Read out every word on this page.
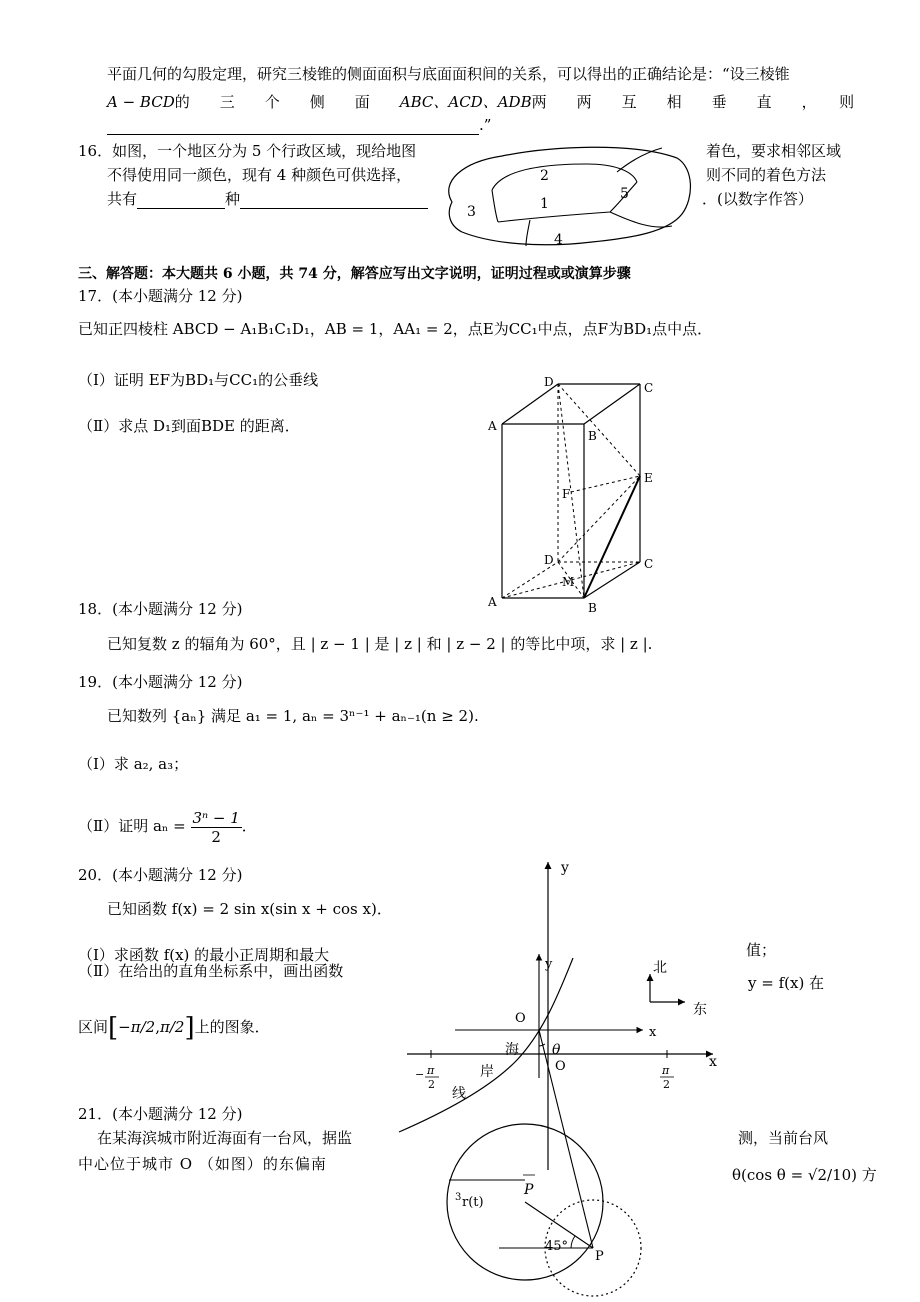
平面几何的勾股定理，研究三棱锥的侧面面积与底面面积间的关系，可以得出的正确结论是：“设三棱锥
A − BCD的　　三　　个　　侧　　面　　ABC、ACD、ADB两　　两　　互　　相　　垂　　直　　，　　则
.”
16．如图，一个地区分为 5 个行政区域，现给地图
不得使用同一颜色，现有 4 种颜色可供选择，
共有	种
着色，要求相邻区域
则不同的着色方法
．(以数字作答）
2
1
5
3
4
三、解答题：本大题共 6 小题，共 74 分，解答应写出文字说明，证明过程或或演算步骤
17．(本小题满分 12 分)
已知正四棱柱 ABCD − A₁B₁C₁D₁，AB = 1，AA₁ = 2，点E为CC₁中点，点F为BD₁点中点．
（Ⅰ）证明 EF为BD₁与CC₁的公垂线
（Ⅱ）求点 D₁到面BDE 的距离．
D	C
A
B
E
F
D	C
M
A	B
18．(本小题满分 12 分)
已知复数 z 的辐角为 60°，且 | z − 1 | 是 | z | 和 | z − 2 | 的等比中项，求 | z |.
19．(本小题满分 12 分)
已知数列 {aₙ} 满足 a₁ = 1, aₙ = 3ⁿ⁻¹ + aₙ₋₁(n ≥ 2).
（Ⅰ）求 a₂, a₃；
（Ⅱ）证明 $a_n = \frac{\text{3ⁿ − 1}}{2}$ ．
y
x
O
− π
2
π
2
y
x
O
北
东
海
岸
线
θ
P
3 r(t)
45°
P
20．(本小题满分 12 分)
已知函数 f(x) = 2 sin x(sin x + cos x)．
（Ⅰ）求函数 f(x) 的最小正周期和最大
（Ⅱ）在给出的直角坐标系中，画出函数
值；
y = f(x) 在
区间[−π/2,π/2]上的图象．
21．(本小题满分 12 分)
在某海滨城市附近海面有一台风，据监
中心位于城市 O （如图）的东偏南
测，当前台风
θ(cos θ = √2/10) 方
